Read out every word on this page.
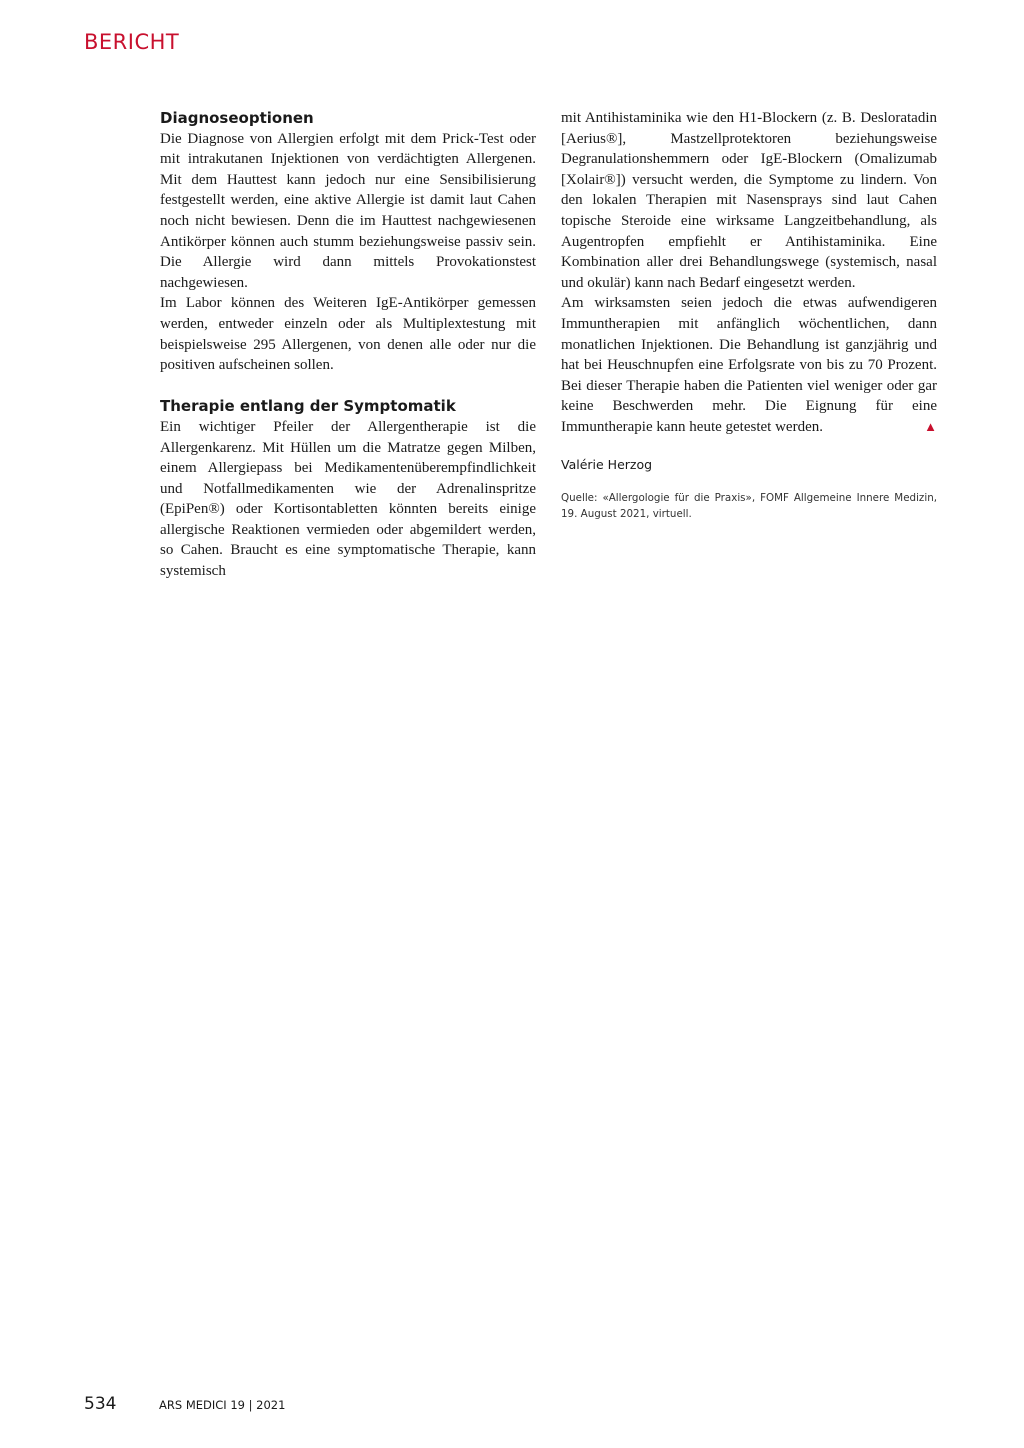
BERICHT
Diagnoseoptionen

Die Diagnose von Allergien erfolgt mit dem Prick-Test oder mit intrakutanen Injektionen von verdächtigten Allergenen. Mit dem Hauttest kann jedoch nur eine Sensibilisierung festgestellt werden, eine aktive Allergie ist damit laut Cahen noch nicht bewiesen. Denn die im Hauttest nachgewiesenen Antikörper können auch stumm beziehungsweise passiv sein. Die Allergie wird dann mittels Provokationstest nachgewiesen.

Im Labor können des Weiteren IgE-Antikörper gemessen werden, entweder einzeln oder als Multiplextestung mit beispielsweise 295 Allergenen, von denen alle oder nur die positiven aufscheinen sollen.

Therapie entlang der Symptomatik

Ein wichtiger Pfeiler der Allergentherapie ist die Allergenkarenz. Mit Hüllen um die Matratze gegen Milben, einem Allergiepass bei Medikamentenüberempfindlichkeit und Notfallmedikamenten wie der Adrenalinspritze (EpiPen®) oder Kortisontabletten könnten bereits einige allergische Reaktionen vermieden oder abgemildert werden, so Cahen. Braucht es eine symptomatische Therapie, kann systemisch

mit Antihistaminika wie den H1-Blockern (z. B. Desloratadin [Aerius®], Mastzellprotektoren beziehungsweise Degranulationshemmern oder IgE-Blockern (Omalizumab [Xolair®]) versucht werden, die Symptome zu lindern. Von den lokalen Therapien mit Nasensprays sind laut Cahen topische Steroide eine wirksame Langzeitbehandlung, als Augentropfen empfiehlt er Antihistaminika. Eine Kombination aller drei Behandlungswege (systemisch, nasal und okulär) kann nach Bedarf eingesetzt werden.

Am wirksamsten seien jedoch die etwas aufwendigeren Immuntherapien mit anfänglich wöchentlichen, dann monatlichen Injektionen. Die Behandlung ist ganzjährig und hat bei Heuschnupfen eine Erfolgsrate von bis zu 70 Prozent. Bei dieser Therapie haben die Patienten viel weniger oder gar keine Beschwerden mehr. Die Eignung für eine Immuntherapie kann heute getestet werden.	▲

Valérie Herzog
Quelle: «Allergologie für die Praxis», FOMF Allgemeine Innere Medizin, 19. August 2021, virtuell.
534	ARS MEDICI 19 | 2021
